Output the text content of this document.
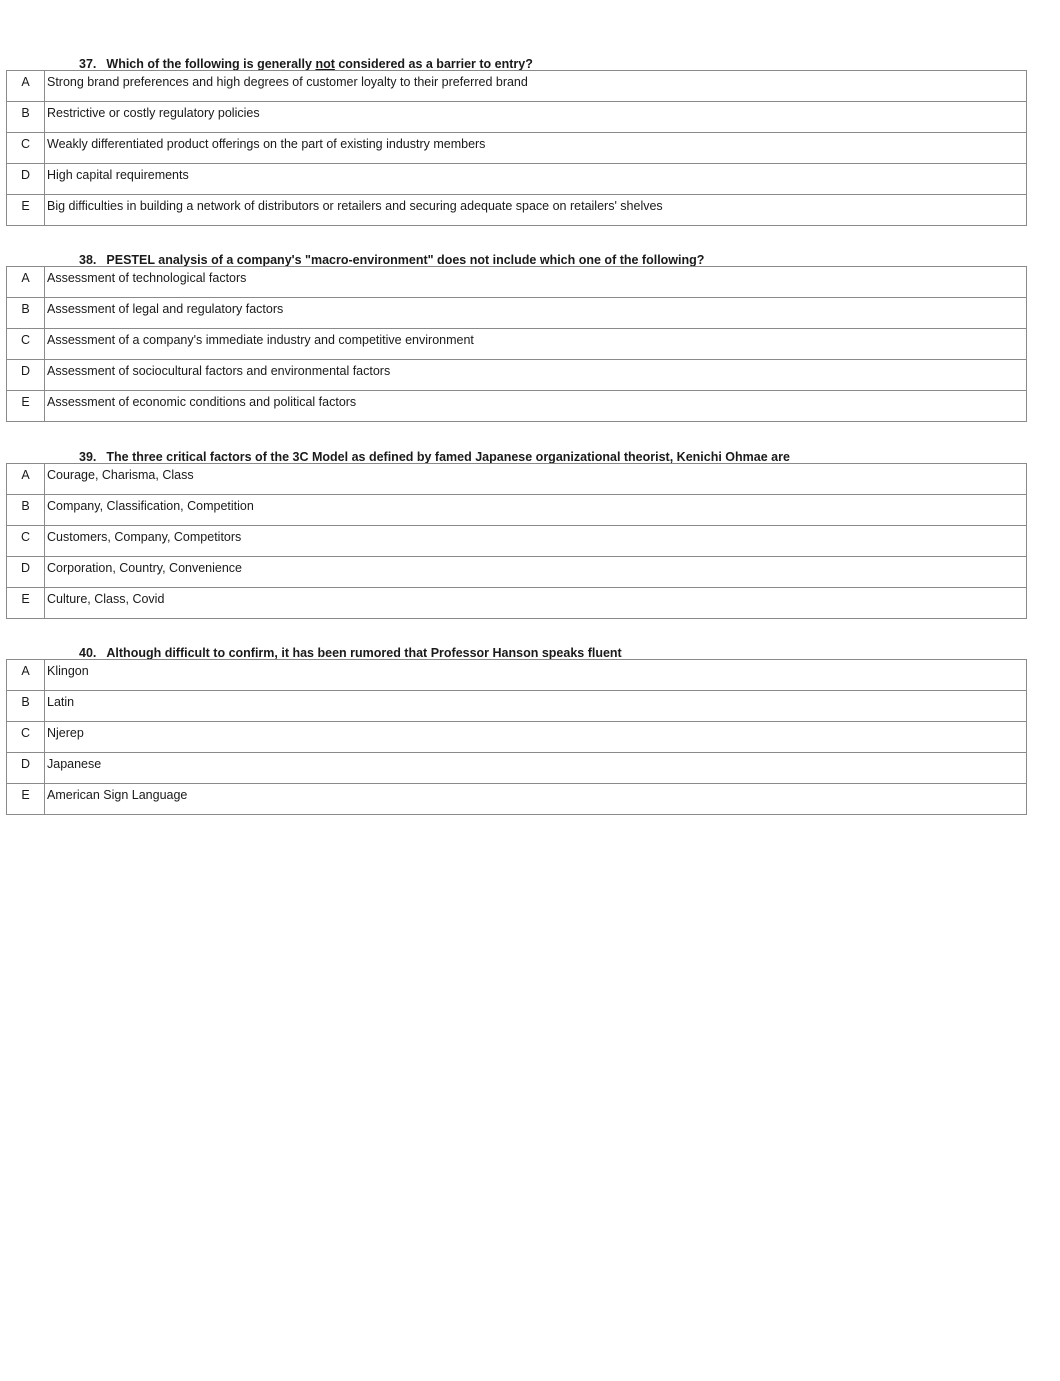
37. Which of the following is generally not considered as a barrier to entry?
A	Strong brand preferences and high degrees of customer loyalty to their preferred brand
B	Restrictive or costly regulatory policies
C	Weakly differentiated product offerings on the part of existing industry members
D	High capital requirements
E	Big difficulties in building a network of distributors or retailers and securing adequate space on retailers' shelves
38. PESTEL analysis of a company's "macro-environment" does not include which one of the following?
A	Assessment of technological factors
B	Assessment of legal and regulatory factors
C	Assessment of a company's immediate industry and competitive environment
D	Assessment of sociocultural factors and environmental factors
E	Assessment of economic conditions and political factors
39. The three critical factors of the 3C Model as defined by famed Japanese organizational theorist, Kenichi Ohmae are
A	Courage, Charisma, Class
B	Company, Classification, Competition
C	Customers, Company, Competitors
D	Corporation, Country, Convenience
E	Culture, Class, Covid
40. Although difficult to confirm, it has been rumored that Professor Hanson speaks fluent
A	Klingon
B	Latin
C	Njerep
D	Japanese
E	American Sign Language
